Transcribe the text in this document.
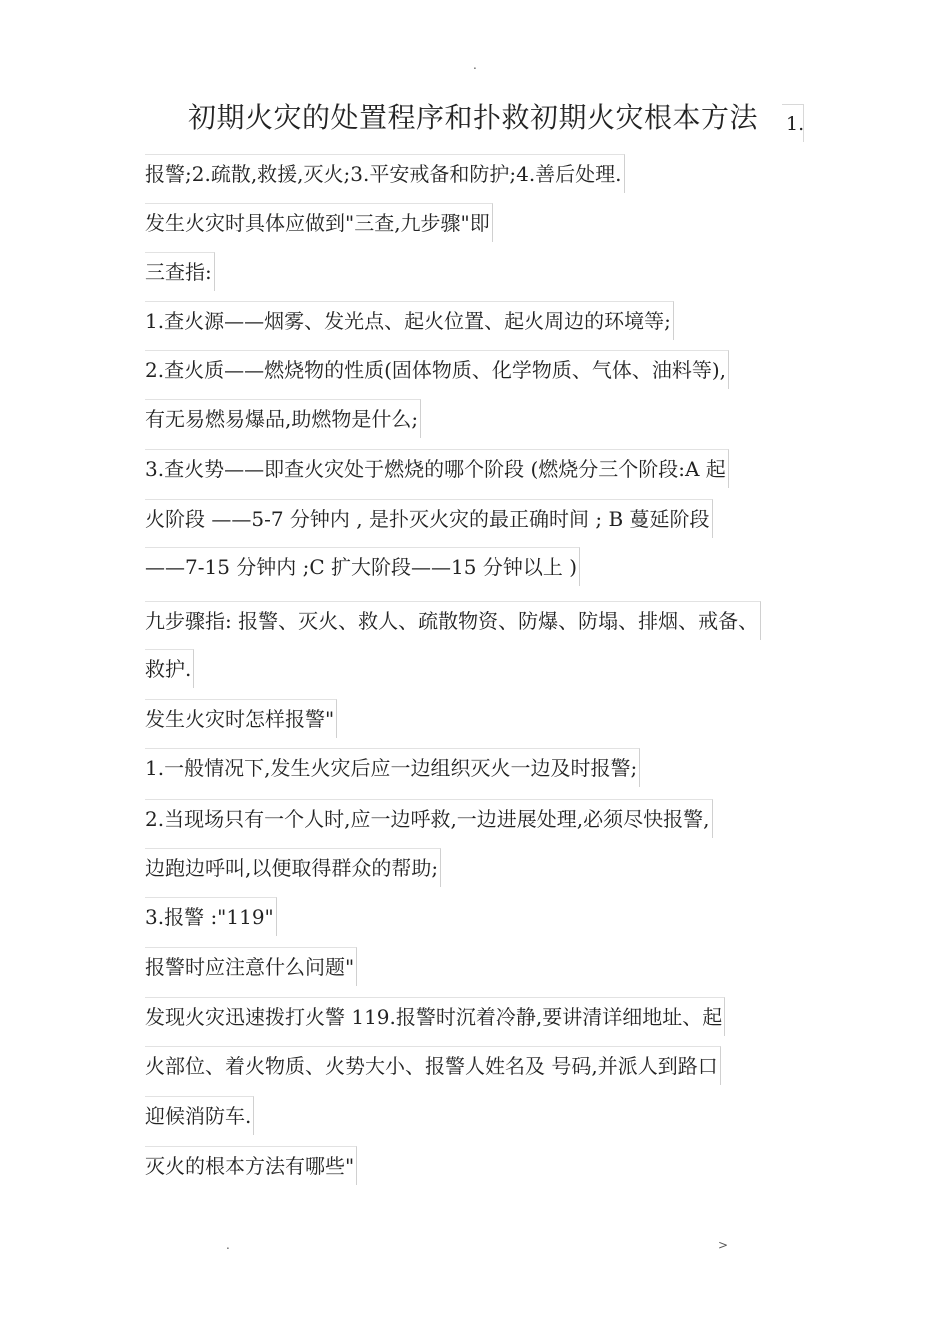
.
初期火灾的处置程序和扑救初期火灾根本方法 1.
报警;2.疏散,救援,灭火;3.平安戒备和防护;4.善后处理.
发生火灾时具体应做到"三查,九步骤"即
三查指:
1.查火源——烟雾、发光点、起火位置、起火周边的环境等;
2.查火质——燃烧物的性质(固体物质、化学物质、气体、油料等),
有无易燃易爆品,助燃物是什么;
3.查火势——即查火灾处于燃烧的哪个阶段 (燃烧分三个阶段:A 起
火阶段 ——5-7 分钟内 , 是扑灭火灾的最正确时间 ; B 蔓延阶段
——7-15 分钟内 ;C 扩大阶段——15 分钟以上 )
九步骤指: 报警、灭火、救人、疏散物资、防爆、防塌、排烟、戒备、
救护.
发生火灾时怎样报警"
1.一般情况下,发生火灾后应一边组织灭火一边及时报警;
2.当现场只有一个人时,应一边呼救,一边进展处理,必须尽快报警,
边跑边呼叫,以便取得群众的帮助;
3.报警 :"119"
报警时应注意什么问题"
发现火灾迅速拨打火警 119.报警时沉着冷静,要讲清详细地址、起
火部位、着火物质、火势大小、报警人姓名及 号码,并派人到路口
迎候消防车.
灭火的根本方法有哪些"
.	>
